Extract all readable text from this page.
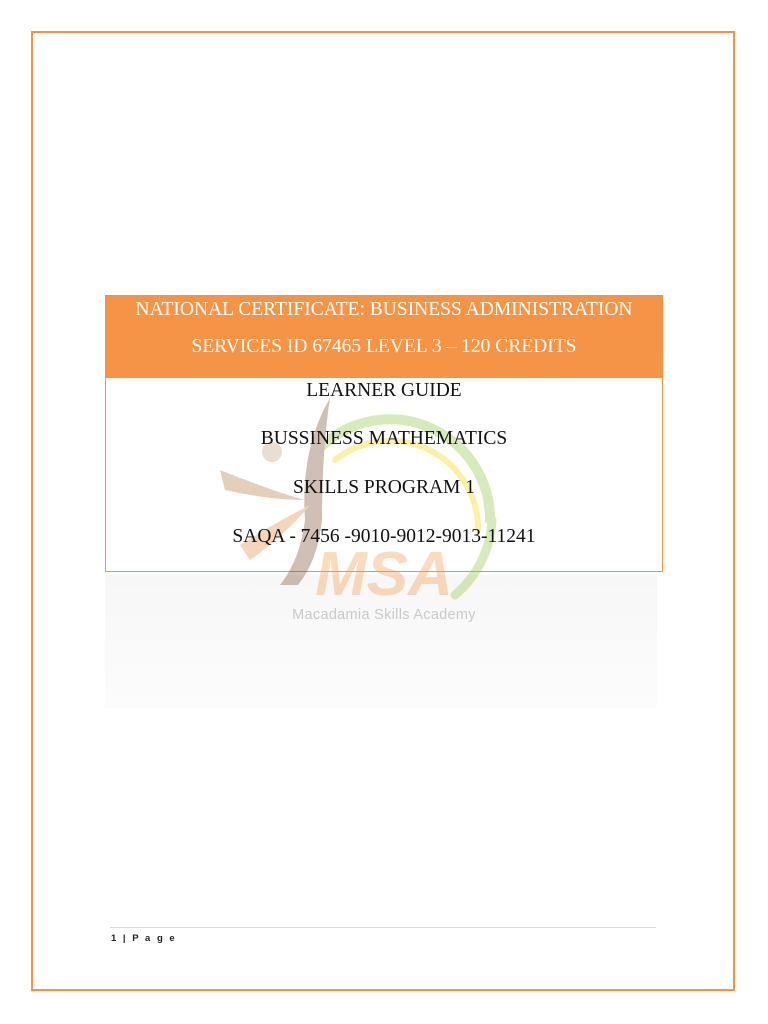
NATIONAL CERTIFICATE: BUSINESS ADMINISTRATION
SERVICES ID 67465 LEVEL 3 – 120 CREDITS
MSA
LEARNER GUIDE
BUSSINESS MATHEMATICS
SKILLS PROGRAM 1
SAQA - 7456 -9010-9012-9013-11241
Macadamia Skills Academy
1 | P a g e
